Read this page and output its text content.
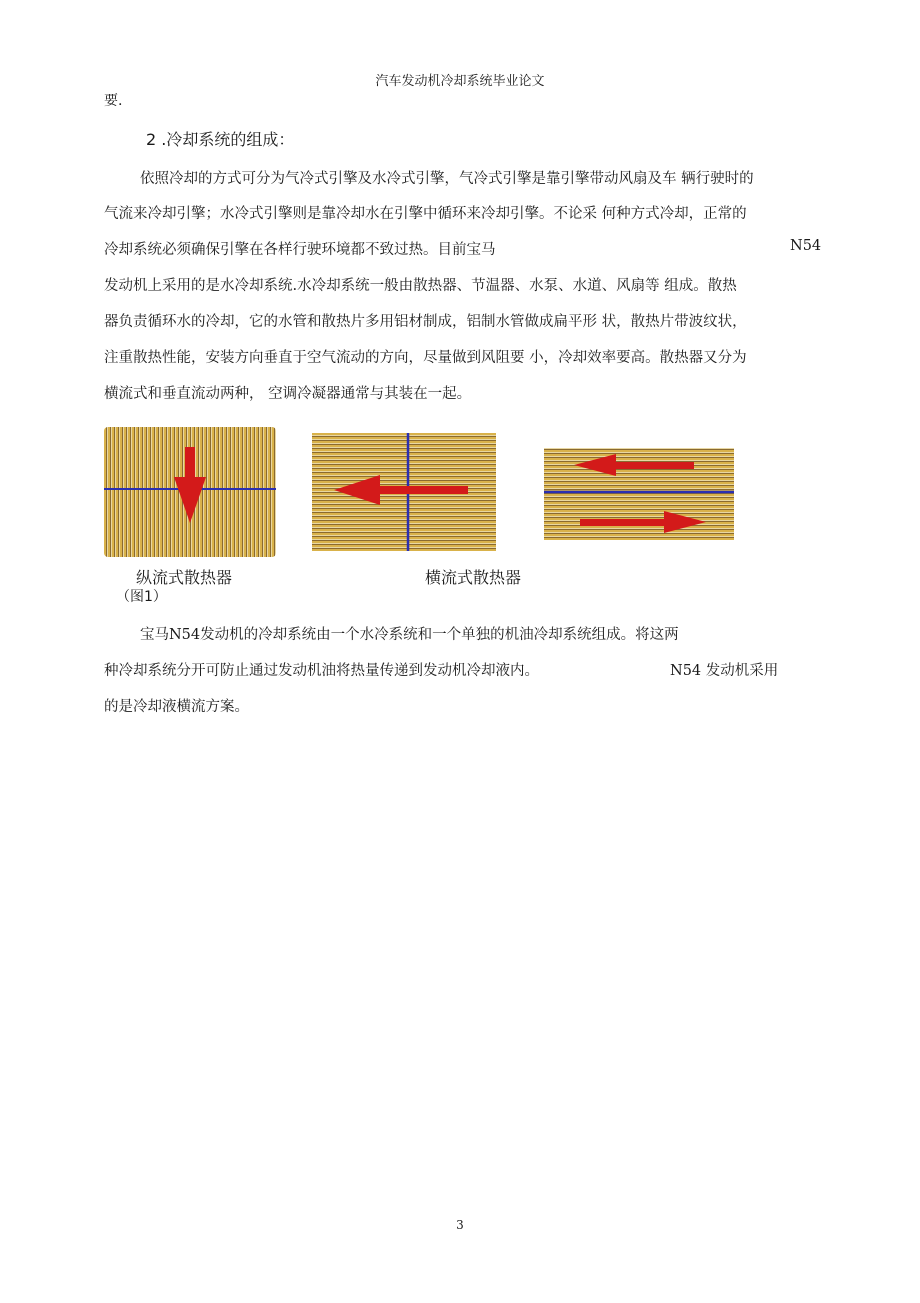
汽车发动机冷却系统毕业论文
要.
2 .冷却系统的组成：
依照冷却的方式可分为气冷式引擎及水冷式引擎，气冷式引擎是靠引擎带动风扇及车 辆行驶时的
气流来冷却引擎；水冷式引擎则是靠冷却水在引擎中循环来冷却引擎。不论采 何种方式冷却，正常的
冷却系统必须确保引擎在各样行驶环境都不致过热。目前宝马	N54
发动机上采用的是水冷却系统.水冷却系统一般由散热器、节温器、水泵、水道、风扇等 组成。散热
器负责循环水的冷却，它的水管和散热片多用铝材制成，铝制水管做成扁平形 状，散热片带波纹状，
注重散热性能，安装方向垂直于空气流动的方向，尽量做到风阻要 小，冷却效率要高。散热器又分为
横流式和垂直流动两种， 空调冷凝器通常与其装在一起。
纵流式散热器	横流式散热器
（图1）
宝马N54发动机的冷却系统由一个水冷系统和一个单独的机油冷却系统组成。将这两
种冷却系统分开可防止通过发动机油将热量传递到发动机冷却液内。	N54 发动机采用
的是冷却液横流方案。
3
